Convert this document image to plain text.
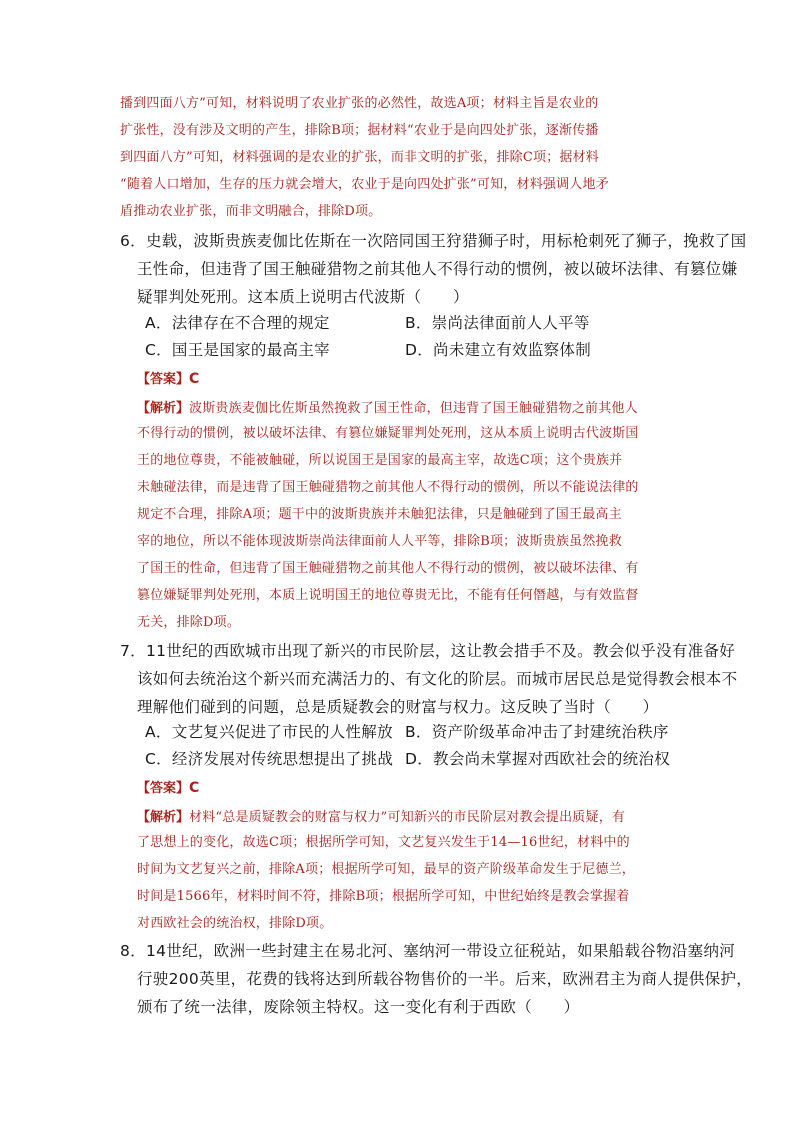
播到四面八方”可知，材料说明了农业扩张的必然性，故选A项；材料主旨是农业的
扩张性，没有涉及文明的产生，排除B项；据材料“农业于是向四处扩张，逐渐传播
到四面八方”可知，材料强调的是农业的扩张，而非文明的扩张，排除C项；据材料
“随着人口增加，生存的压力就会增大，农业于是向四处扩张”可知，材料强调人地矛
盾推动农业扩张，而非文明融合，排除D项。
6．史载，波斯贵族麦伽比佐斯在一次陪同国王狩猎狮子时，用标枪刺死了狮子，挽救了国
王性命，但违背了国王触碰猎物之前其他人不得行动的惯例，被以破坏法律、有篡位嫌
疑罪判处死刑。这本质上说明古代波斯（　　）
A．法律存在不合理的规定	B．崇尚法律面前人人平等
C．国王是国家的最高主宰	D．尚未建立有效监察体制
【答案】C
【解析】波斯贵族麦伽比佐斯虽然挽救了国王性命，但违背了国王触碰猎物之前其他人
不得行动的惯例，被以破坏法律、有篡位嫌疑罪判处死刑，这从本质上说明古代波斯国
王的地位尊贵，不能被触碰，所以说国王是国家的最高主宰，故选C项；这个贵族并
未触碰法律，而是违背了国王触碰猎物之前其他人不得行动的惯例，所以不能说法律的
规定不合理，排除A项；题干中的波斯贵族并未触犯法律，只是触碰到了国王最高主
宰的地位，所以不能体现波斯崇尚法律面前人人平等，排除B项；波斯贵族虽然挽救
了国王的性命，但违背了国王触碰猎物之前其他人不得行动的惯例，被以破坏法律、有
篡位嫌疑罪判处死刑，本质上说明国王的地位尊贵无比，不能有任何僭越，与有效监督
无关，排除D项。
7．11世纪的西欧城市出现了新兴的市民阶层，这让教会措手不及。教会似乎没有准备好
该如何去统治这个新兴而充满活力的、有文化的阶层。而城市居民总是觉得教会根本不
理解他们碰到的问题，总是质疑教会的财富与权力。这反映了当时（　　）
A．文艺复兴促进了市民的人性解放 B．资产阶级革命冲击了封建统治秩序
C．经济发展对传统思想提出了挑战 D．教会尚未掌握对西欧社会的统治权
【答案】C
【解析】材料“总是质疑教会的财富与权力”可知新兴的市民阶层对教会提出质疑，有
了思想上的变化，故选C项；根据所学可知，文艺复兴发生于14—16世纪，材料中的
时间为文艺复兴之前，排除A项；根据所学可知，最早的资产阶级革命发生于尼德兰，
时间是1566年，材料时间不符，排除B项；根据所学可知，中世纪始终是教会掌握着
对西欧社会的统治权，排除D项。
8．14世纪，欧洲一些封建主在易北河、塞纳河一带设立征税站，如果船载谷物沿塞纳河
行驶200英里，花费的钱将达到所载谷物售价的一半。后来，欧洲君主为商人提供保护，
颁布了统一法律，废除领主特权。这一变化有利于西欧（　　）
